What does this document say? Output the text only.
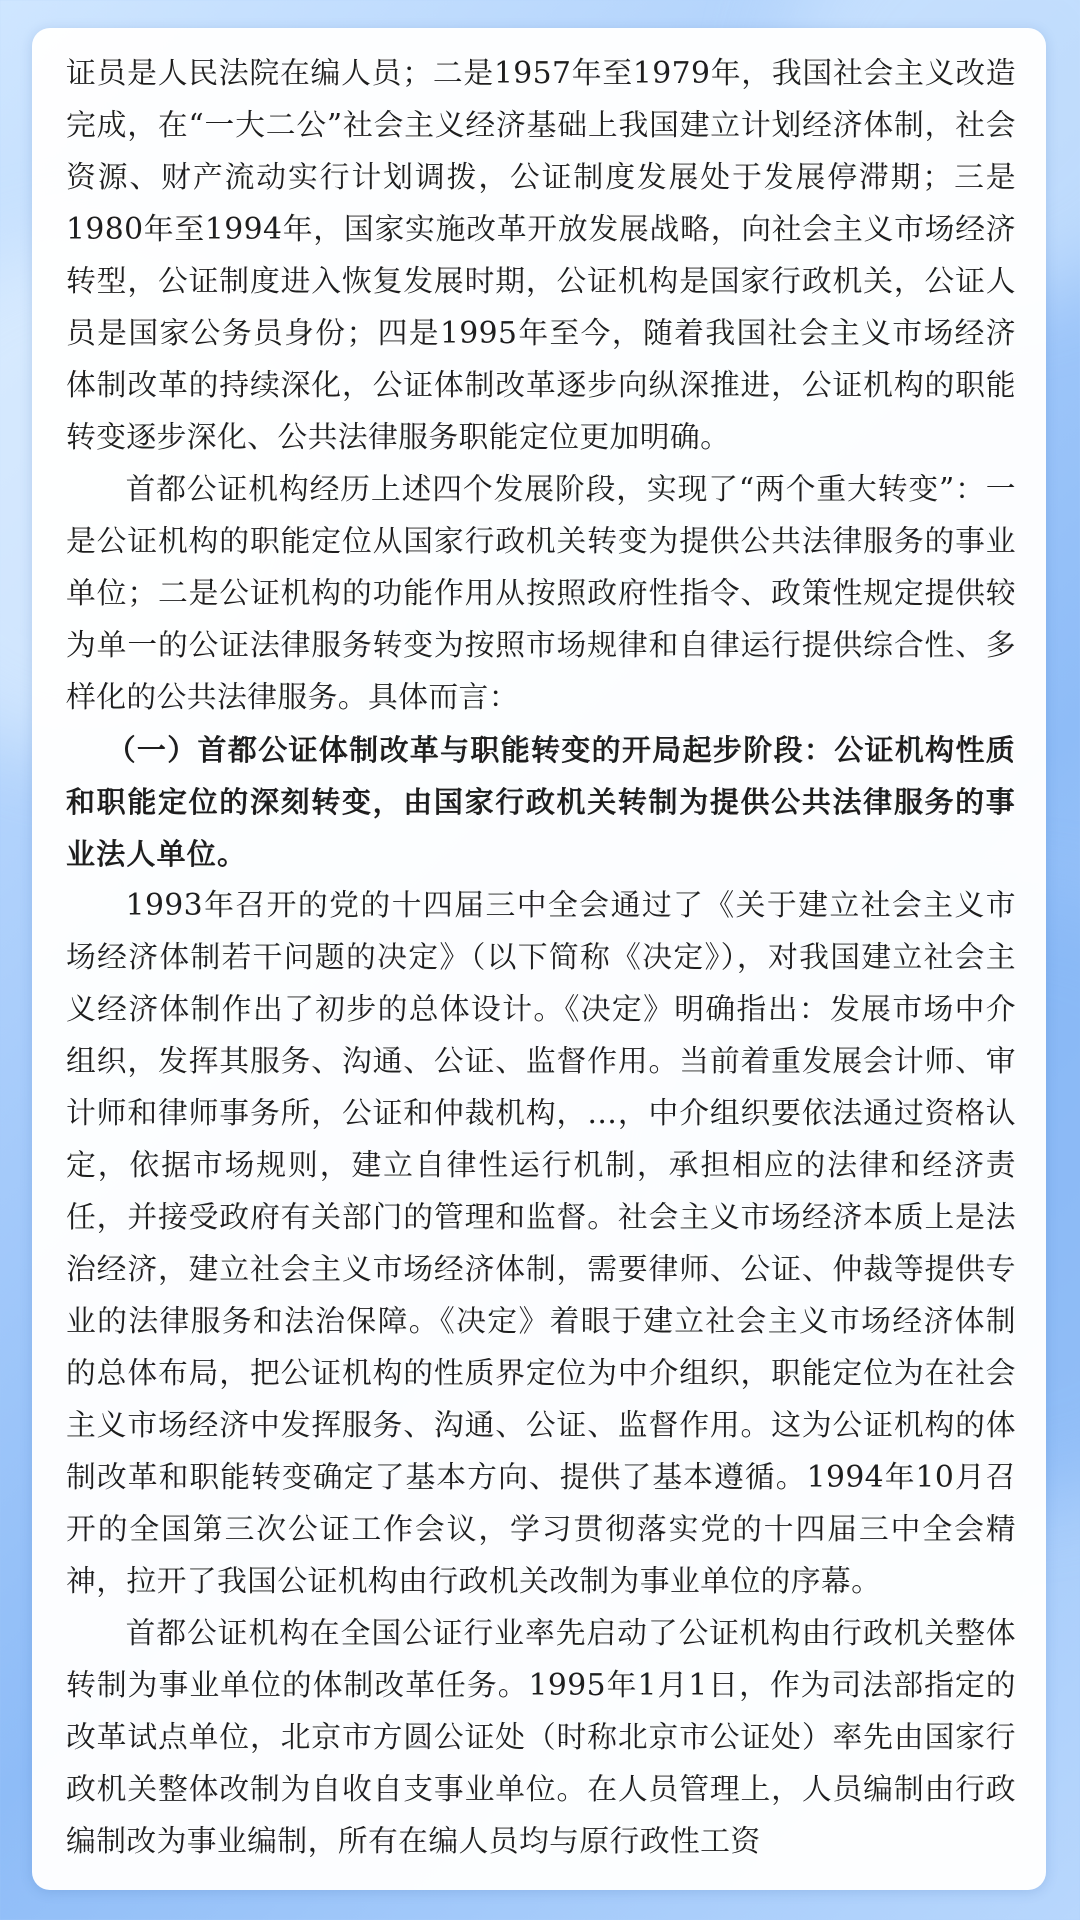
证员是人民法院在编人员；二是1957年至1979年，我国社会主义改造完成，在“一大二公”社会主义经济基础上我国建立计划经济体制，社会资源、财产流动实行计划调拨，公证制度发展处于发展停滞期；三是1980年至1994年，国家实施改革开放发展战略，向社会主义市场经济转型，公证制度进入恢复发展时期，公证机构是国家行政机关，公证人员是国家公务员身份；四是1995年至今，随着我国社会主义市场经济体制改革的持续深化，公证体制改革逐步向纵深推进，公证机构的职能转变逐步深化、公共法律服务职能定位更加明确。

首都公证机构经历上述四个发展阶段，实现了“两个重大转变”：一是公证机构的职能定位从国家行政机关转变为提供公共法律服务的事业单位；二是公证机构的功能作用从按照政府性指令、政策性规定提供较为单一的公证法律服务转变为按照市场规律和自律运行提供综合性、多样化的公共法律服务。具体而言：

（一）首都公证体制改革与职能转变的开局起步阶段：公证机构性质和职能定位的深刻转变，由国家行政机关转制为提供公共法律服务的事业法人单位。

1993年召开的党的十四届三中全会通过了《关于建立社会主义市场经济体制若干问题的决定》（以下简称《决定》），对我国建立社会主义经济体制作出了初步的总体设计。《决定》明确指出：发展市场中介组织，发挥其服务、沟通、公证、监督作用。当前着重发展会计师、审计师和律师事务所，公证和仲裁机构，…，中介组织要依法通过资格认定，依据市场规则，建立自律性运行机制，承担相应的法律和经济责任，并接受政府有关部门的管理和监督。社会主义市场经济本质上是法治经济，建立社会主义市场经济体制，需要律师、公证、仲裁等提供专业的法律服务和法治保障。《决定》着眼于建立社会主义市场经济体制的总体布局，把公证机构的性质界定位为中介组织，职能定位为在社会主义市场经济中发挥服务、沟通、公证、监督作用。这为公证机构的体制改革和职能转变确定了基本方向、提供了基本遵循。1994年10月召开的全国第三次公证工作会议，学习贯彻落实党的十四届三中全会精神，拉开了我国公证机构由行政机关改制为事业单位的序幕。

首都公证机构在全国公证行业率先启动了公证机构由行政机关整体转制为事业单位的体制改革任务。1995年1月1日，作为司法部指定的改革试点单位，北京市方圆公证处（时称北京市公证处）率先由国家行政机关整体改制为自收自支事业单位。在人员管理上，人员编制由行政编制改为事业编制，所有在编人员均与原行政性工资
